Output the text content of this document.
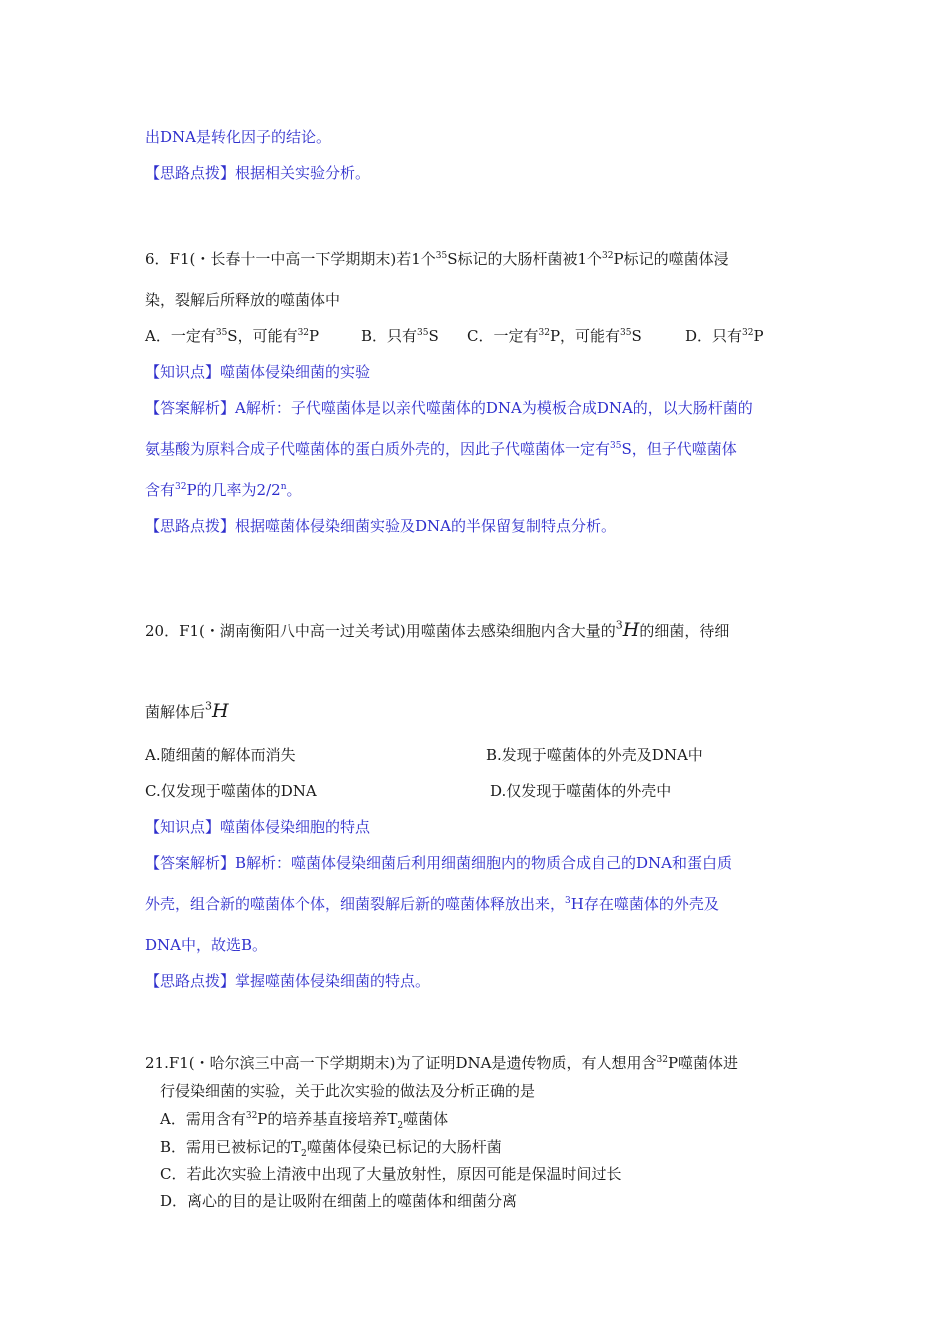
出DNA是转化因子的结论。
【思路点拨】根据相关实验分析。
6．F1(・长春十一中高一下学期期末)若1个$^{35}$S标记的大肠杆菌被1个$^{32}$P标记的噬菌体浸
染，裂解后所释放的噬菌体中
A．一定有$^{35}$S，可能有$^{32}$P	B．只有$^{35}$S C．一定有$^{32}$P，可能有$^{35}$S	D．只有$^{32}$P
【知识点】噬菌体侵染细菌的实验
【答案解析】A解析：子代噬菌体是以亲代噬菌体的DNA为模板合成DNA的，以大肠杆菌的
氨基酸为原料合成子代噬菌体的蛋白质外壳的，因此子代噬菌体一定有$^{35}$S，但子代噬菌体
含有$^{32}$P的几率为2/2$^n$。
【思路点拨】根据噬菌体侵染细菌实验及DNA的半保留复制特点分析。
20．F1(・湖南衡阳八中高一过关考试)用噬菌体去感染细胞内含大量的$^3$H的细菌，待细
菌解体后$^3$H
A.随细菌的解体而消失	B.发现于噬菌体的外壳及DNA中
C.仅发现于噬菌体的DNA	D.仅发现于噬菌体的外壳中
【知识点】噬菌体侵染细胞的特点
【答案解析】B解析：噬菌体侵染细菌后利用细菌细胞内的物质合成自己的DNA和蛋白质
外壳，组合新的噬菌体个体，细菌裂解后新的噬菌体释放出来，$^3$H存在噬菌体的外壳及
DNA中，故选B。
【思路点拨】掌握噬菌体侵染细菌的特点。
21.F1(・哈尔滨三中高一下学期期末)为了证明DNA是遗传物质，有人想用含$^{32}$P噬菌体进
行侵染细菌的实验，关于此次实验的做法及分析正确的是
A．需用含有$^{32}$P的培养基直接培养$T_2$噬菌体
B．需用已被标记的$T_2$噬菌体侵染已标记的大肠杆菌
C．若此次实验上清液中出现了大量放射性，原因可能是保温时间过长
D．离心的目的是让吸附在细菌上的噬菌体和细菌分离
